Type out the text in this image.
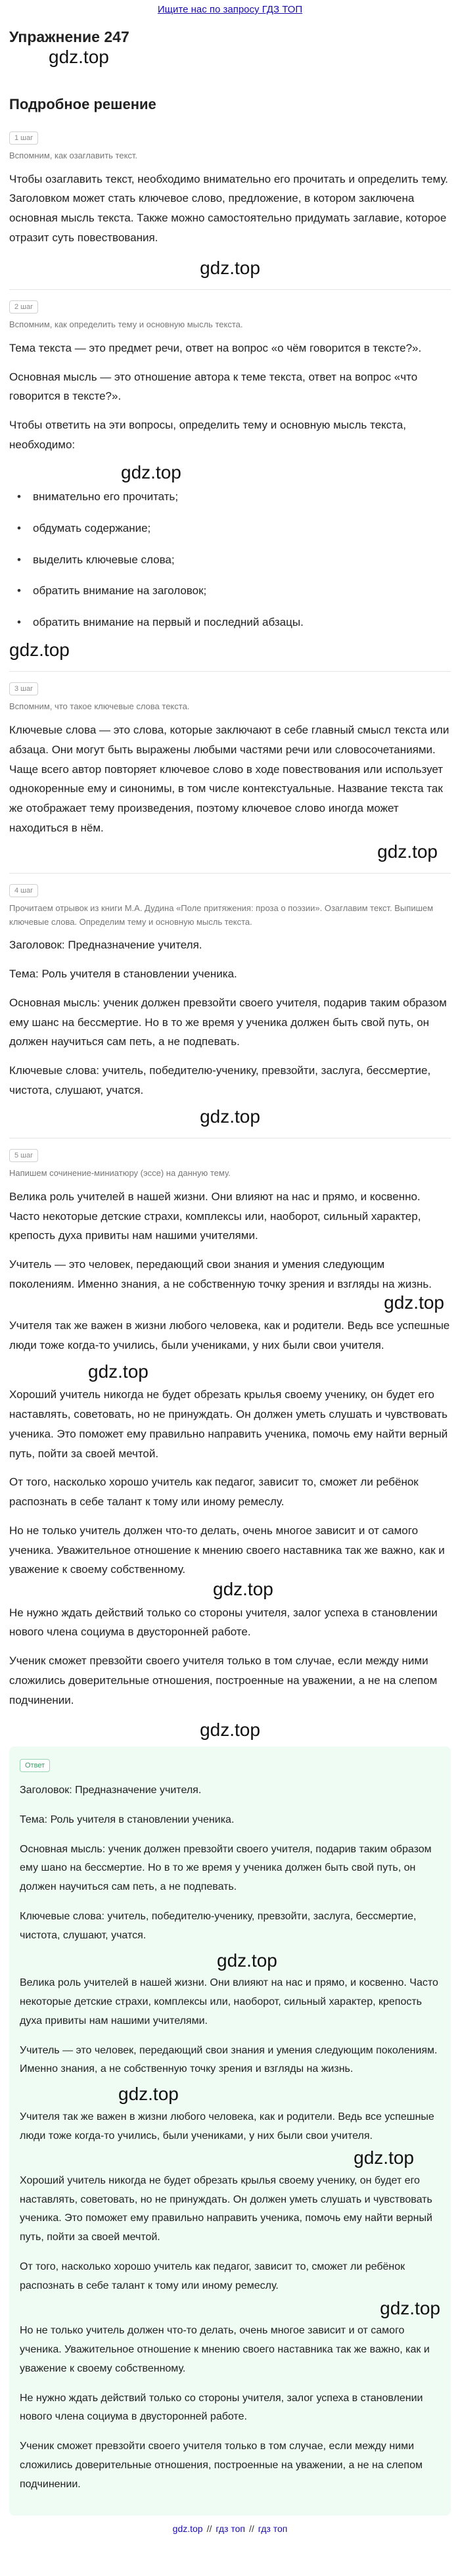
Ищите нас по запросу ГДЗ ТОП
Упражнение 247
gdz.top
Подробное решение
1 шаг
Вспомним, как озаглавить текст.

Чтобы озаглавить текст, необходимо внимательно его прочитать и определить тему. Заголовком может стать ключевое слово, предложение, в котором заключена основная мысль текста. Также можно самостоятельно придумать заглавие, которое отразит суть повествования.

gdz.top
2 шаг
Вспомним, как определить тему и основную мысль текста.

Тема текста — это предмет речи, ответ на вопрос «о чём говорится в тексте?».

Основная мысль — это отношение автора к теме текста, ответ на вопрос «что говорится в тексте?».

Чтобы ответить на эти вопросы, определить тему и основную мысль текста, необходимо:

gdz.top
• внимательно его прочитать;
• обдумать содержание;
• выделить ключевые слова;
• обратить внимание на заголовок;
• обратить внимание на первый и последний абзацы.
gdz.top
3 шаг
Вспомним, что такое ключевые слова текста.

Ключевые слова — это слова, которые заключают в себе главный смысл текста или абзаца. Они могут быть выражены любыми частями речи или словосочетаниями. Чаще всего автор повторяет ключевое слово в ходе повествования или использует однокоренные ему и синонимы, в том числе контекстуальные. Название текста так же отображает тему произведения, поэтому ключевое слово иногда может находиться в нём.

gdz.top
4 шаг
Прочитаем отрывок из книги М.А. Дудина «Поле притяжения: проза о поэзии». Озаглавим текст. Выпишем ключевые слова. Определим тему и основную мысль текста.

Заголовок: Предназначение учителя.

Тема: Роль учителя в становлении ученика.

Основная мысль: ученик должен превзойти своего учителя, подарив таким образом ему шанс на бессмертие. Но в то же время у ученика должен быть свой путь, он должен научиться сам петь, а не подпевать.

Ключевые слова: учитель, победителю-ученику, превзойти, заслуга, бессмертие, чистота, слушают, учатся.

gdz.top
5 шаг
Напишем сочинение-миниатюру (эссе) на данную тему.

Велика роль учителей в нашей жизни. Они влияют на нас и прямо, и косвенно. Часто некоторые детские страхи, комплексы или, наоборот, сильный характер, крепость духа привиты нам нашими учителями.

Учитель — это человек, передающий свои знания и умения следующим поколениям. Именно знания, а не собственную точку зрения и взгляды на жизнь.

gdz.top

Учителя так же важен в жизни любого человека, как и родители. Ведь все успешные люди тоже когда-то учились, были учениками, у них были свои учителя.

gdz.top

Хороший учитель никогда не будет обрезать крылья своему ученику, он будет его наставлять, советовать, но не принуждать. Он должен уметь слушать и чувствовать ученика. Это поможет ему правильно направить ученика, помочь ему найти верный путь, пойти за своей мечтой.

От того, насколько хорошо учитель как педагог, зависит то, сможет ли ребёнок распознать в себе талант к тому или иному ремеслу.

Но не только учитель должен что-то делать, очень многое зависит и от самого ученика. Уважительное отношение к мнению своего наставника так же важно, как и уважение к своему собственному.

gdz.top

Не нужно ждать действий только со стороны учителя, залог успеха в становлении нового члена социума в двусторонней работе.

Ученик сможет превзойти своего учителя только в том случае, если между ними сложились доверительные отношения, построенные на уважении, а не на слепом подчинении.

gdz.top
Ответ

Заголовок: Предназначение учителя.

Тема: Роль учителя в становлении ученика.

Основная мысль: ученик должен превзойти своего учителя, подарив таким образом ему шано на бессмертие. Но в то же время у ученика должен быть свой путь, он должен научиться сам петь, а не подпевать.

Ключевые слова: учитель, победителю-ученику, превзойти, заслуга, бессмертие, чистота, слушают, учатся.

gdz.top

Велика роль учителей в нашей жизни. Они влияют на нас и прямо, и косвенно. Часто некоторые детские страхи, комплексы или, наоборот, сильный характер, крепость духа привиты нам нашими учителями.

Учитель — это человек, передающий свои знания и умения следующим поколениям. Именно знания, а не собственную точку зрения и взгляды на жизнь.

gdz.top

Учителя так же важен в жизни любого человека, как и родители. Ведь все успешные люди тоже когда-то учились, были учениками, у них были свои учителя.

gdz.top

Хороший учитель никогда не будет обрезать крылья своему ученику, он будет его наставлять, советовать, но не принуждать. Он должен уметь слушать и чувствовать ученика. Это поможет ему правильно направить ученика, помочь ему найти верный путь, пойти за своей мечтой.

От того, насколько хорошо учитель как педагог, зависит то, сможет ли ребёнок распознать в себе талант к тому или иному ремеслу.

gdz.top

Но не только учитель должен что-то делать, очень многое зависит и от самого ученика. Уважительное отношение к мнению своего наставника так же важно, как и уважение к своему собственному.

Не нужно ждать действий только со стороны учителя, залог успеха в становлении нового члена социума в двусторонней работе.

Ученик сможет превзойти своего учителя только в том случае, если между ними сложились доверительные отношения, построенные на уважении, а не на слепом подчинении.

gdz.top // гдз топ // гдз топ
